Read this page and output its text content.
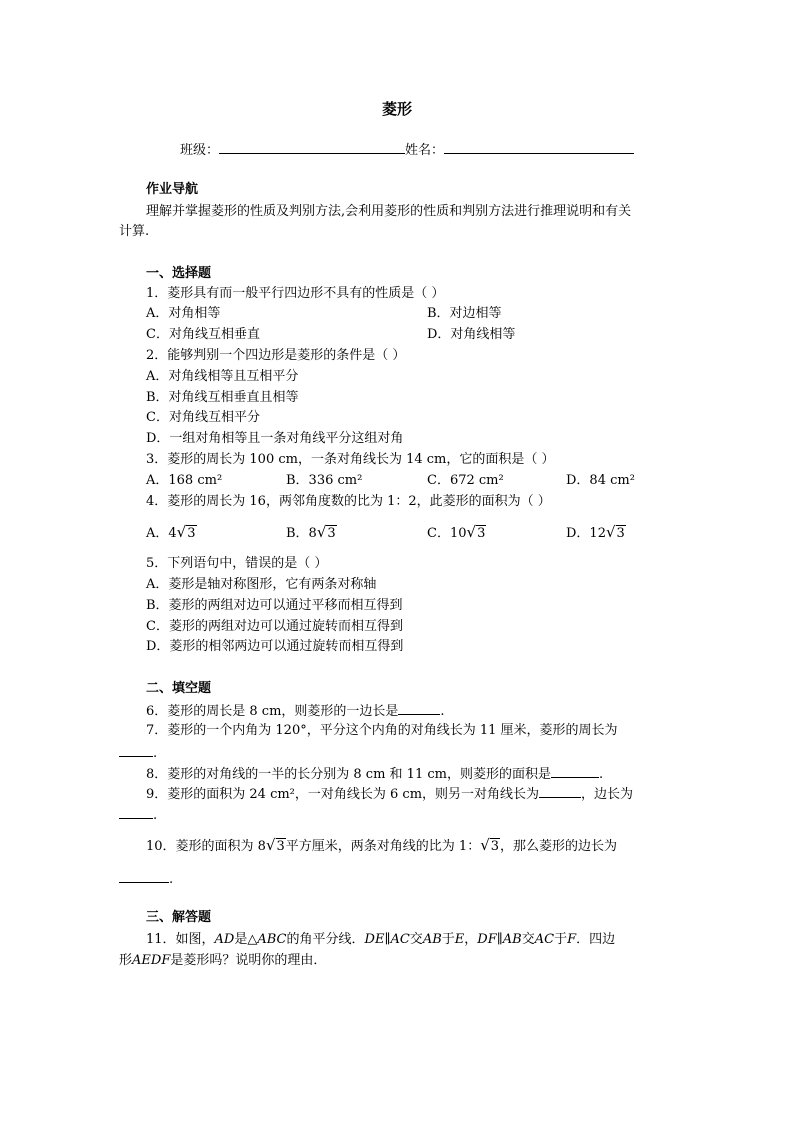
菱形
班级：	姓名：
作业导航
理解并掌握菱形的性质及判别方法,会利用菱形的性质和判别方法进行推理说明和有关
计算.
一、选择题
1．菱形具有而一般平行四边形不具有的性质是（ ）
A．对角相等	B．对边相等
C．对角线互相垂直	D．对角线相等
2．能够判别一个四边形是菱形的条件是（ ）
A．对角线相等且互相平分
B．对角线互相垂直且相等
C．对角线互相平分
D．一组对角相等且一条对角线平分这组对角
3．菱形的周长为 100 cm，一条对角线长为 14 cm，它的面积是（ ）
A．168 cm²	B．336 cm²	C．672 cm²	D．84 cm²
4．菱形的周长为 16，两邻角度数的比为 1：2，此菱形的面积为（ ）
A．4√3	B．8√3	C．10√3	D．12√3
5．下列语句中，错误的是（ ）
A．菱形是轴对称图形，它有两条对称轴
B．菱形的两组对边可以通过平移而相互得到
C．菱形的两组对边可以通过旋转而相互得到
D．菱形的相邻两边可以通过旋转而相互得到
二、填空题
6．菱形的周长是 8 cm，则菱形的一边长是	.
7．菱形的一个内角为 120°，平分这个内角的对角线长为 11 厘米，菱形的周长为
.
8．菱形的对角线的一半的长分别为 8 cm 和 11 cm，则菱形的面积是	.
9．菱形的面积为 24 cm²，一对角线长为 6 cm，则另一对角线长为	，边长为
.
10．菱形的面积为 8√3平方厘米，两条对角线的比为 1：√3，那么菱形的边长为
.
三、解答题
11．如图，AD是△ABC的角平分线．DE∥AC交AB于E，DF∥AB交AC于F．四边
形AEDF是菱形吗？说明你的理由．
